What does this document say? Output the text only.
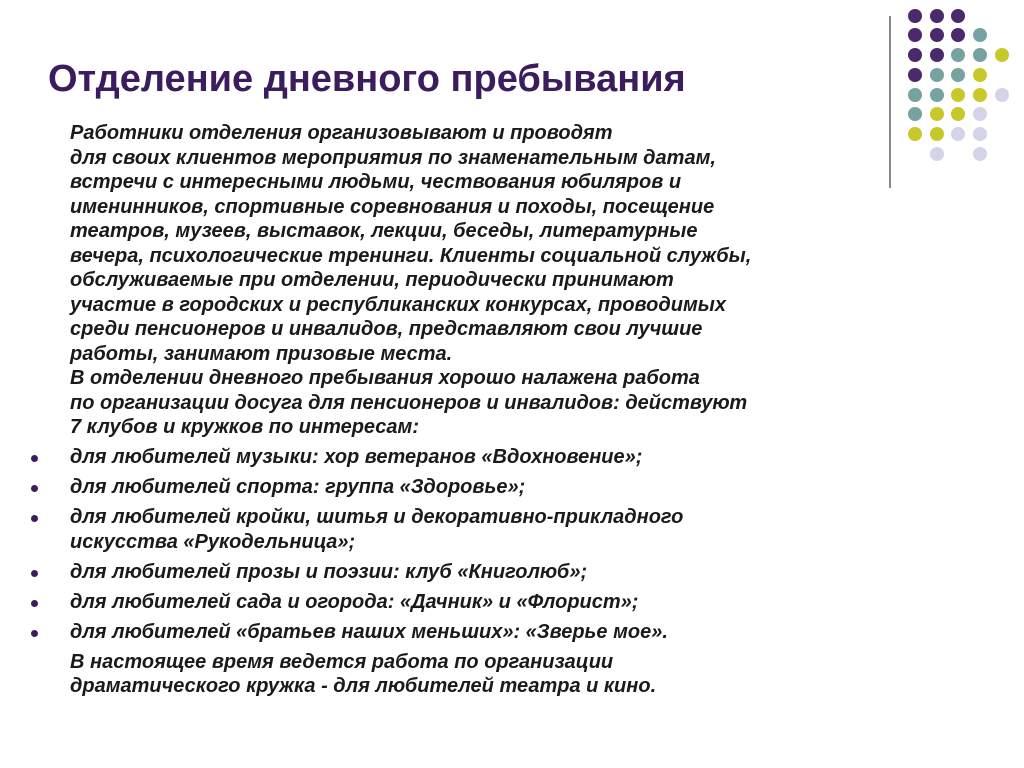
Отделение дневного пребывания

Работники отделения организовывают и проводят
для своих клиентов мероприятия по знаменательным датам,
встречи с интересными людьми, чествования юбиляров и
именинников, спортивные соревнования и походы, посещение
театров, музеев, выставок, лекции, беседы, литературные
вечера, психологические тренинги. Клиенты социальной службы,
обслуживаемые при отделении, периодически принимают
участие в городских и республиканских конкурсах, проводимых
среди пенсионеров и инвалидов, представляют свои лучшие
работы, занимают призовые места.

В отделении дневного пребывания хорошо налажена работа
по организации досуга для пенсионеров и инвалидов: действуют
7 клубов и кружков по интересам:

для любителей музыки: хор ветеранов «Вдохновение»;
для любителей спорта: группа «Здоровье»;
для любителей кройки, шитья и декоративно-прикладного
искусства «Рукодельница»;
для любителей прозы и поэзии: клуб «Книголюб»;
для любителей сада и огорода: «Дачник» и «Флорист»;
для любителей «братьев наших меньших»: «Зверье мое».

В настоящее время ведется работа по организации
драматического кружка - для любителей театра и кино.
